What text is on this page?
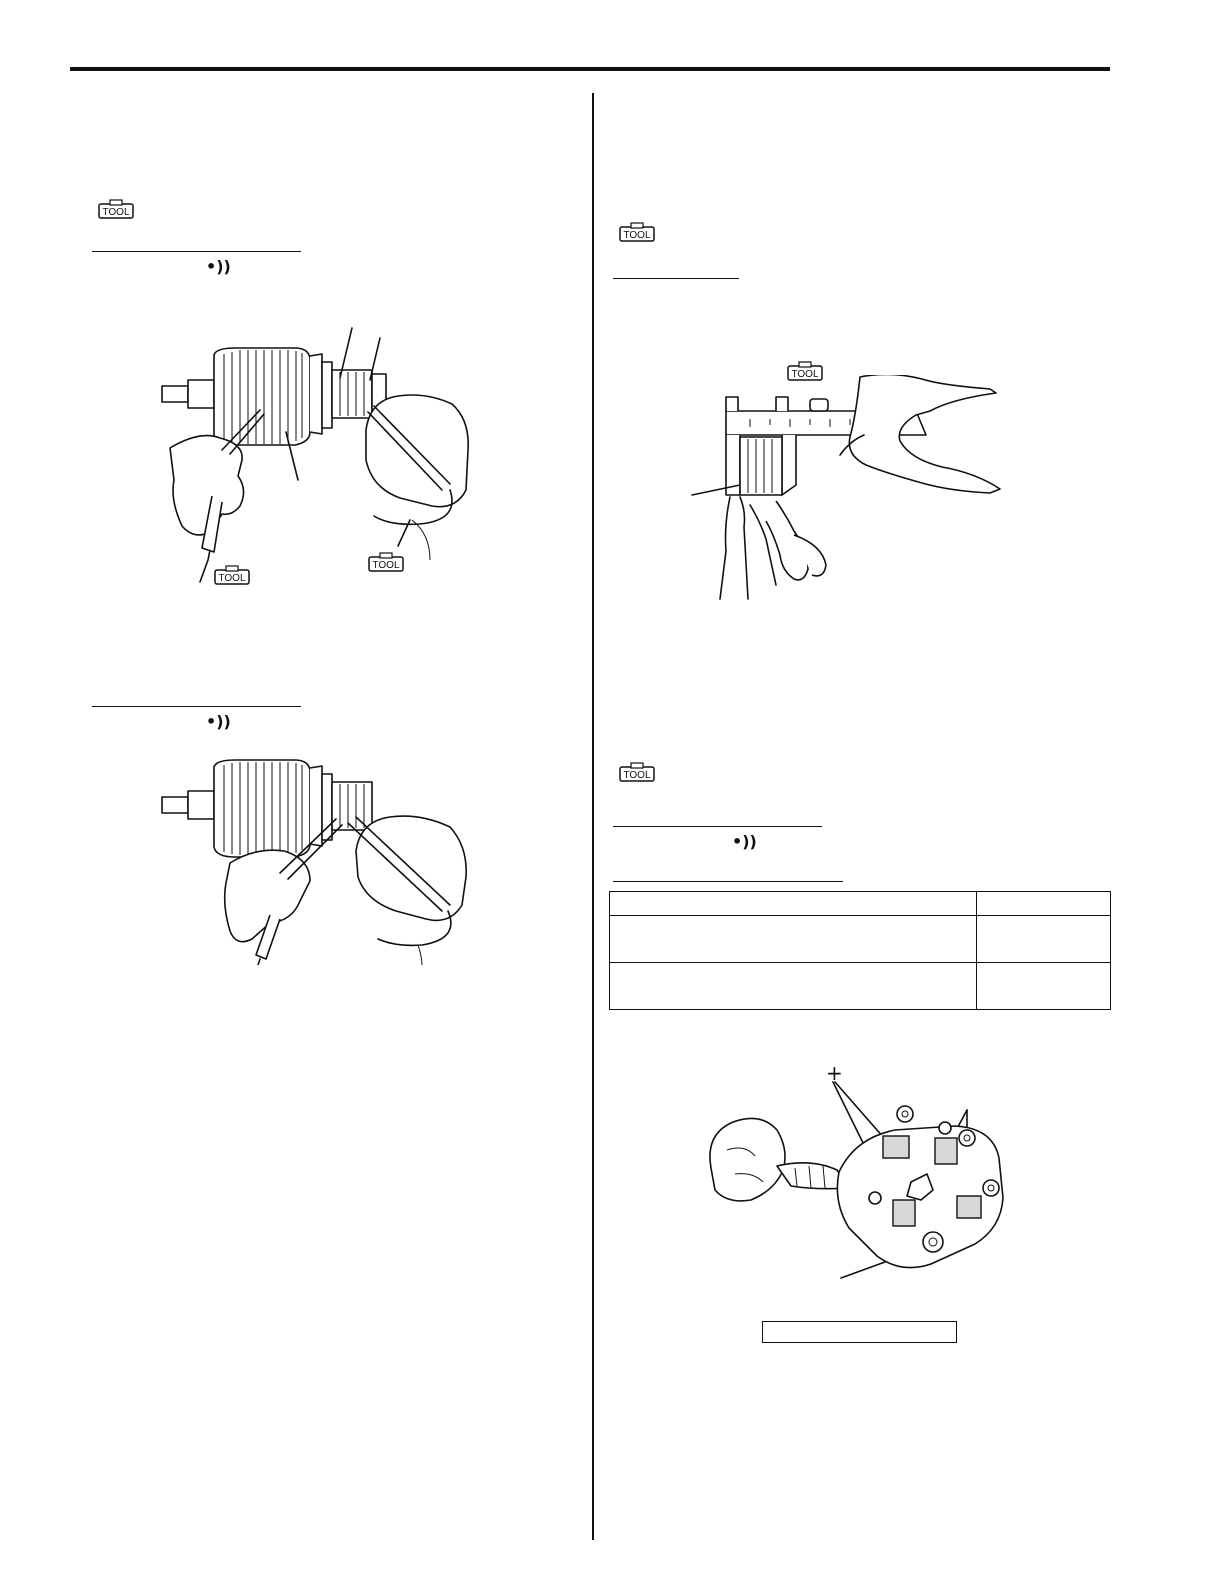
TOOL
•))
TOOL
TOOL
•))
TOOL
TOOL
TOOL
•))

+
